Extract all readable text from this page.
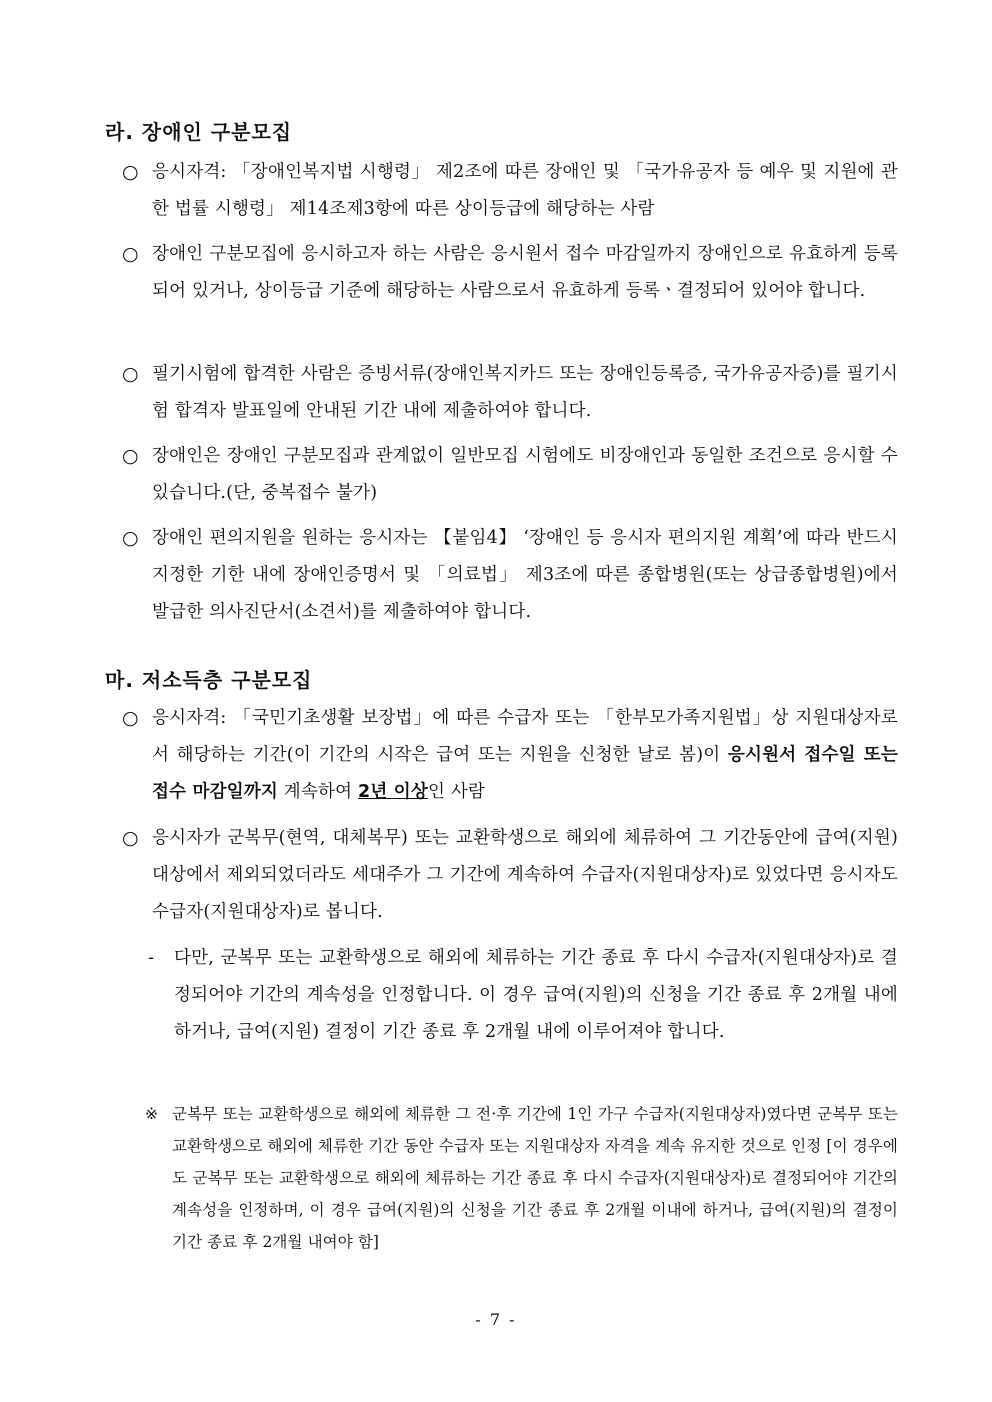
라. 장애인 구분모집
○ 응시자격: 「장애인복지법 시행령」 제2조에 따른 장애인 및 「국가유공자 등 예우 및 지원에 관한 법률 시행령」 제14조제3항에 따른 상이등급에 해당하는 사람
○ 장애인 구분모집에 응시하고자 하는 사람은 응시원서 접수 마감일까지 장애인으로 유효하게 등록되어 있거나, 상이등급 기준에 해당하는 사람으로서 유효하게 등록ㆍ결정되어 있어야 합니다.
○ 필기시험에 합격한 사람은 증빙서류(장애인복지카드 또는 장애인등록증, 국가유공자증)를 필기시험 합격자 발표일에 안내된 기간 내에 제출하여야 합니다.
○ 장애인은 장애인 구분모집과 관계없이 일반모집 시험에도 비장애인과 동일한 조건으로 응시할 수 있습니다.(단, 중복접수 불가)
○ 장애인 편의지원을 원하는 응시자는 【붙임4】 ‘장애인 등 응시자 편의지원 계획’에 따라 반드시 지정한 기한 내에 장애인증명서 및 「의료법」 제3조에 따른 종합병원(또는 상급종합병원)에서 발급한 의사진단서(소견서)를 제출하여야 합니다.
마. 저소득층 구분모집
○ 응시자격: 「국민기초생활 보장법」에 따른 수급자 또는 「한부모가족지원법」상 지원대상자로서 해당하는 기간(이 기간의 시작은 급여 또는 지원을 신청한 날로 봄)이 응시원서 접수일 또는 접수 마감일까지 계속하여 2년 이상인 사람
○ 응시자가 군복무(현역, 대체복무) 또는 교환학생으로 해외에 체류하여 그 기간동안에 급여(지원) 대상에서 제외되었더라도 세대주가 그 기간에 계속하여 수급자(지원대상자)로 있었다면 응시자도 수급자(지원대상자)로 봅니다.
- 다만, 군복무 또는 교환학생으로 해외에 체류하는 기간 종료 후 다시 수급자(지원대상자)로 결정되어야 기간의 계속성을 인정합니다. 이 경우 급여(지원)의 신청을 기간 종료 후 2개월 내에 하거나, 급여(지원) 결정이 기간 종료 후 2개월 내에 이루어져야 합니다.
※ 군복무 또는 교환학생으로 해외에 체류한 그 전·후 기간에 1인 가구 수급자(지원대상자)였다면 군복무 또는 교환학생으로 해외에 체류한 기간 동안 수급자 또는 지원대상자 자격을 계속 유지한 것으로 인정 [이 경우에도 군복무 또는 교환학생으로 해외에 체류하는 기간 종료 후 다시 수급자(지원대상자)로 결정되어야 기간의 계속성을 인정하며, 이 경우 급여(지원)의 신청을 기간 종료 후 2개월 이내에 하거나, 급여(지원)의 결정이 기간 종료 후 2개월 내여야 함]
- 7 -
